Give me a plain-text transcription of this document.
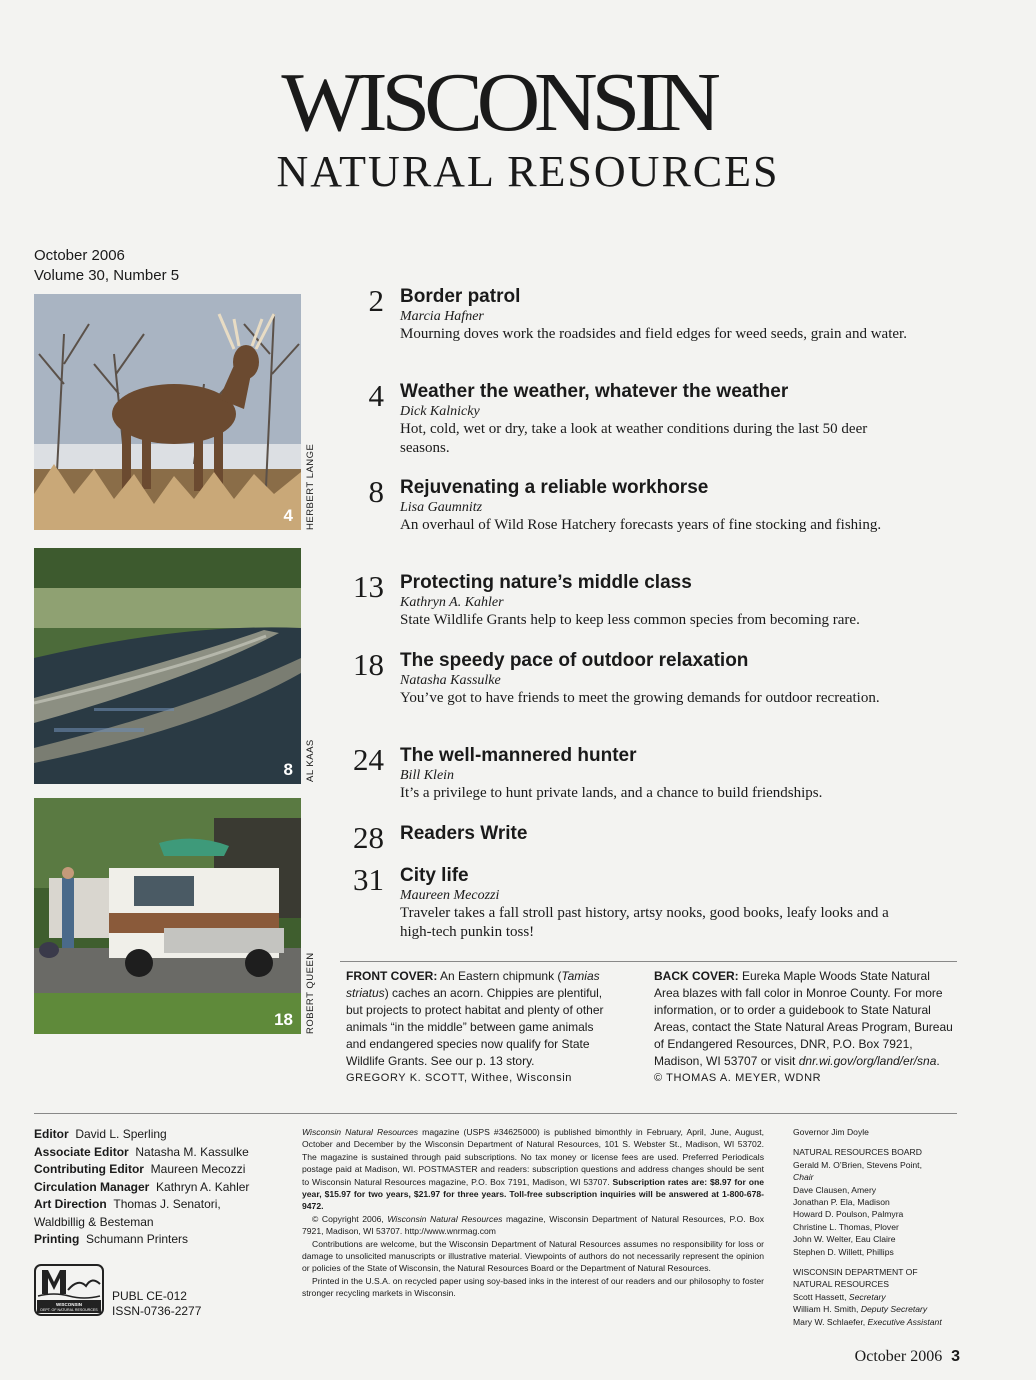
WISCONSIN
NATURAL RESOURCES
October 2006
Volume 30, Number 5
4 HERBERT LANGE
8 AL KAAS
18 ROBERT QUEEN
2 Border patrol
Marcia Hafner
Mourning doves work the roadsides and field edges for weed seeds, grain and water.
4 Weather the weather, whatever the weather
Dick Kalnicky
Hot, cold, wet or dry, take a look at weather conditions during the last 50 deer seasons.
8 Rejuvenating a reliable workhorse
Lisa Gaumnitz
An overhaul of Wild Rose Hatchery forecasts years of fine stocking and fishing.
13 Protecting nature’s middle class
Kathryn A. Kahler
State Wildlife Grants help to keep less common species from becoming rare.
18 The speedy pace of outdoor relaxation
Natasha Kassulke
You’ve got to have friends to meet the growing demands for outdoor recreation.
24 The well-mannered hunter
Bill Klein
It’s a privilege to hunt private lands, and a chance to build friendships.
28 Readers Write
31 City life
Maureen Mecozzi
Traveler takes a fall stroll past history, artsy nooks, good books, leafy looks and a high-tech punkin toss!
FRONT COVER: An Eastern chipmunk (Tamias striatus) caches an acorn. Chippies are plentiful, but projects to protect habitat and plenty of other animals “in the middle” between game animals and endangered species now qualify for State Wildlife Grants. See our p. 13 story.
GREGORY K. SCOTT, Withee, Wisconsin
BACK COVER: Eureka Maple Woods State Natural Area blazes with fall color in Monroe County. For more information, or to order a guidebook to State Natural Areas, contact the State Natural Areas Program, Bureau of Endangered Resources, DNR, P.O. Box 7921, Madison, WI 53707 or visit dnr.wi.gov/org/land/er/sna.
© THOMAS A. MEYER, WDNR
Editor David L. Sperling
Associate Editor Natasha M. Kassulke
Contributing Editor Maureen Mecozzi
Circulation Manager Kathryn A. Kahler
Art Direction Thomas J. Senatori, Waldbillig & Besteman
Printing Schumann Printers
WISCONSIN
DEPT. OF NATURAL RESOURCES
PUBL CE-012
ISSN-0736-2277

Wisconsin Natural Resources magazine (USPS #34625000) is published bimonthly in February, April, June, August, October and December by the Wisconsin Department of Natural Resources, 101 S. Webster St., Madison, WI 53702. The magazine is sustained through paid subscriptions. No tax money or license fees are used. Preferred Periodicals postage paid at Madison, WI. POSTMASTER and readers: subscription questions and address changes should be sent to Wisconsin Natural Resources magazine, P.O. Box 7191, Madison, WI 53707. Subscription rates are: $8.97 for one year, $15.97 for two years, $21.97 for three years. Toll-free subscription inquiries will be answered at 1-800-678-9472.

© Copyright 2006, Wisconsin Natural Resources magazine, Wisconsin Department of Natural Resources, P.O. Box 7921, Madison, WI 53707. http://www.wnrmag.com

Contributions are welcome, but the Wisconsin Department of Natural Resources assumes no responsibility for loss or damage to unsolicited manuscripts or illustrative material. Viewpoints of authors do not necessarily represent the opinion or policies of the State of Wisconsin, the Natural Resources Board or the Department of Natural Resources.

Printed in the U.S.A. on recycled paper using soy-based inks in the interest of our readers and our philosophy to foster stronger recycling markets in Wisconsin.

Governor Jim Doyle

NATURAL RESOURCES BOARD

Gerald M. O’Brien, Stevens Point,

Chair

Dave Clausen, Amery

Jonathan P. Ela, Madison

Howard D. Poulson, Palmyra

Christine L. Thomas, Plover

John W. Welter, Eau Claire

Stephen D. Willett, Phillips

WISCONSIN DEPARTMENT OF

NATURAL RESOURCES

Scott Hassett, Secretary

William H. Smith, Deputy Secretary

Mary W. Schlaefer, Executive Assistant

October 2006 3
